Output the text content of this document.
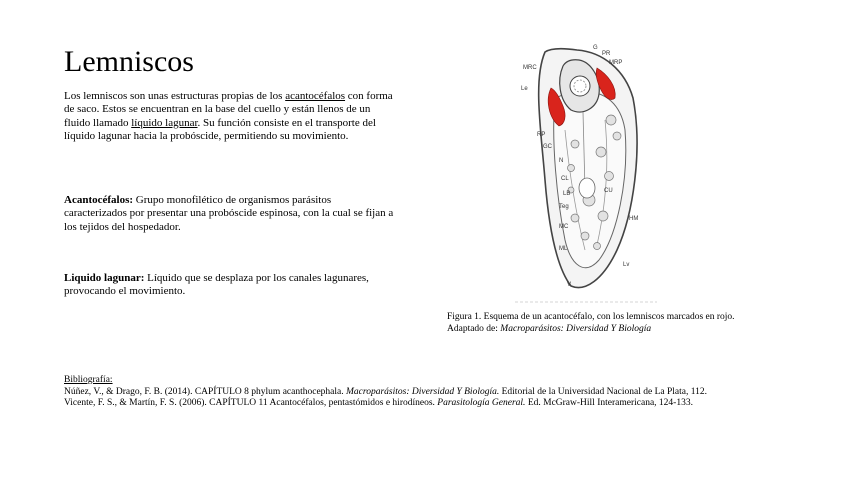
Lemniscos

Los lemniscos son unas estructuras propias de los acantocéfalos con forma de saco. Estos se encuentran en la base del cuello y están llenos de un fluido llamado líquido lagunar. Su función consiste en el transporte del líquido lagunar hacia la probóscide, permitiendo su movimiento.

Acantocéfalos: Grupo monofilético de organismos parásitos caracterizados por presentar una probóscide espinosa, con la cual se fijan a los tejidos del hospedador.

Liquido lagunar: Líquido que se desplaza por los canales lagunares, provocando el movimiento.

G
PR
MRC
MRP
Le
RP
GC
N
CL
LB	CU
Teg
HM
MC
ML
Lv
V

Figura 1. Esquema de un acantocéfalo, con los lemniscos marcados en rojo. Adaptado de: Macroparásitos: Diversidad Y Biología

Bibliografía:
Núñez, V., & Drago, F. B. (2014). CAPÍTULO 8 phylum acanthocephala. Macroparásitos: Diversidad Y Biología. Editorial de la Universidad Nacional de La Plata, 112.
Vicente, F. S., & Martín, F. S. (2006). CAPÍTULO 11 Acantocéfalos, pentastómidos e hirodíneos. Parasitología General. Ed. McGraw-Hill Interamericana, 124-133.
